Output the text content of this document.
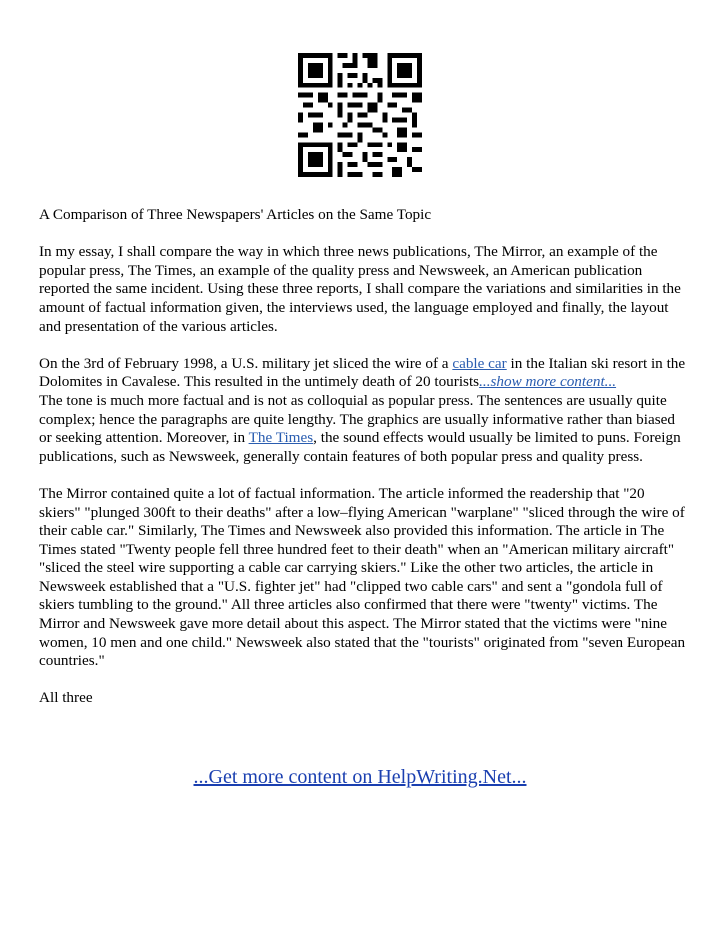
A Comparison of Three Newspapers' Articles on the Same Topic

In my essay, I shall compare the way in which three news publications, The Mirror, an example of the popular press, The Times, an example of the quality press and Newsweek, an American publication reported the same incident. Using these three reports, I shall compare the variations and similarities in the amount of factual information given, the interviews used, the language employed and finally, the layout and presentation of the various articles.

On the 3rd of February 1998, a U.S. military jet sliced the wire of a cable car in the Italian ski resort in the Dolomites in Cavalese. This resulted in the untimely death of 20 tourists...show more content...

The tone is much more factual and is not as colloquial as popular press. The sentences are usually quite complex; hence the paragraphs are quite lengthy. The graphics are usually informative rather than biased or seeking attention. Moreover, in The Times, the sound effects would usually be limited to puns. Foreign publications, such as Newsweek, generally contain features of both popular press and quality press.

The Mirror contained quite a lot of factual information. The article informed the readership that "20 skiers" "plunged 300ft to their deaths" after a low–flying American "warplane" "sliced through the wire of their cable car." Similarly, The Times and Newsweek also provided this information. The article in The Times stated "Twenty people fell three hundred feet to their death" when an "American military aircraft" "sliced the steel wire supporting a cable car carrying skiers." Like the other two articles, the article in Newsweek established that a "U.S. fighter jet" had "clipped two cable cars" and sent a "gondola full of skiers tumbling to the ground." All three articles also confirmed that there were "twenty" victims. The Mirror and Newsweek gave more detail about this aspect. The Mirror stated that the victims were "nine women, 10 men and one child." Newsweek also stated that the "tourists" originated from "seven European countries."

All three

...Get more content on HelpWriting.Net...
